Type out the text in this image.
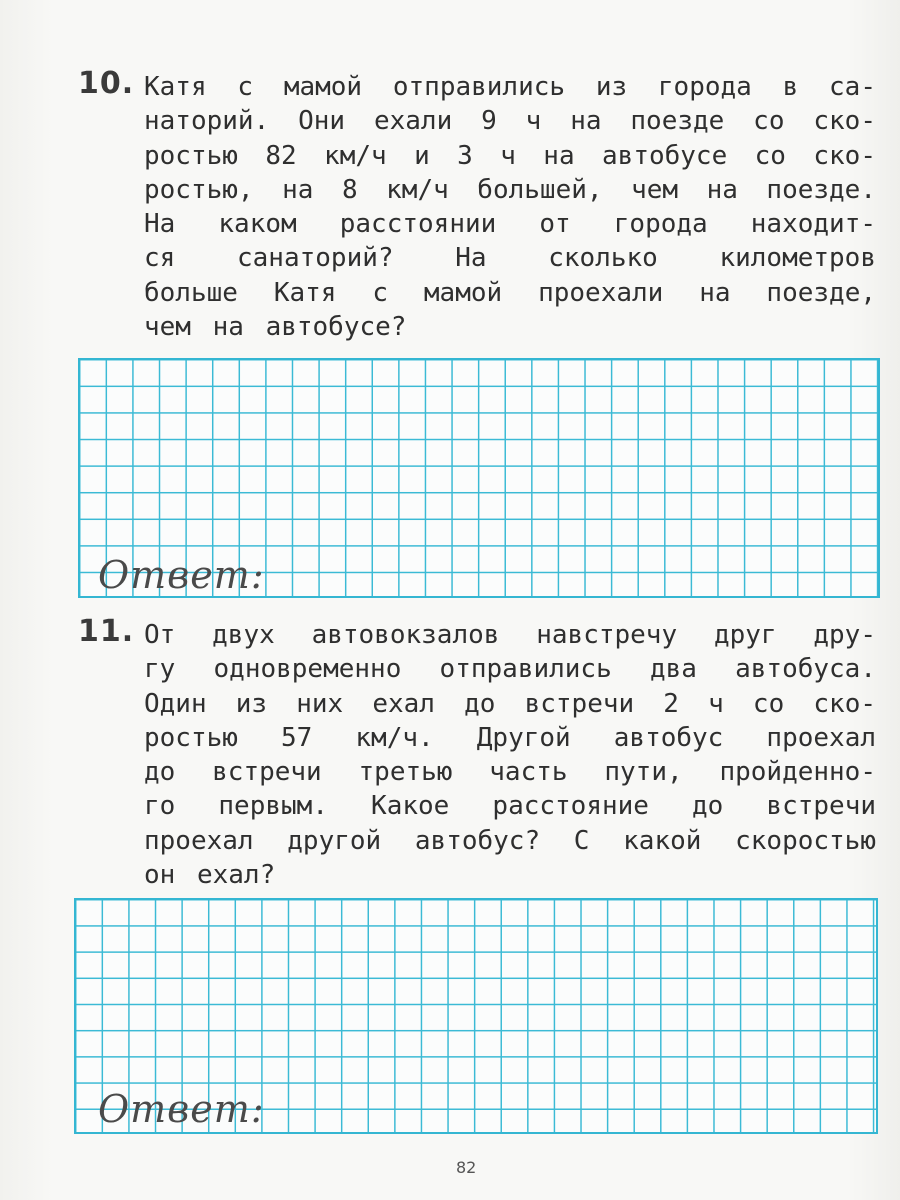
10. Катя с мамой отправились из города в са-
наторий. Они ехали 9 ч на поезде со ско-
ростью 82 км/ч и 3 ч на автобусе со ско-
ростью, на 8 км/ч большей, чем на поезде.
На каком расстоянии от города находит-
ся санаторий? На сколько километров
больше Катя с мамой проехали на поезде,
чем на автобусе?
Ответ:
11. От двух автовокзалов навстречу друг дру-
гу одновременно отправились два автобуса.
Один из них ехал до встречи 2 ч со ско-
ростью 57 км/ч. Другой автобус проехал
до встречи третью часть пути, пройденно-
го первым. Какое расстояние до встречи
проехал другой автобус? С какой скоростью
он ехал?
Ответ:
82
